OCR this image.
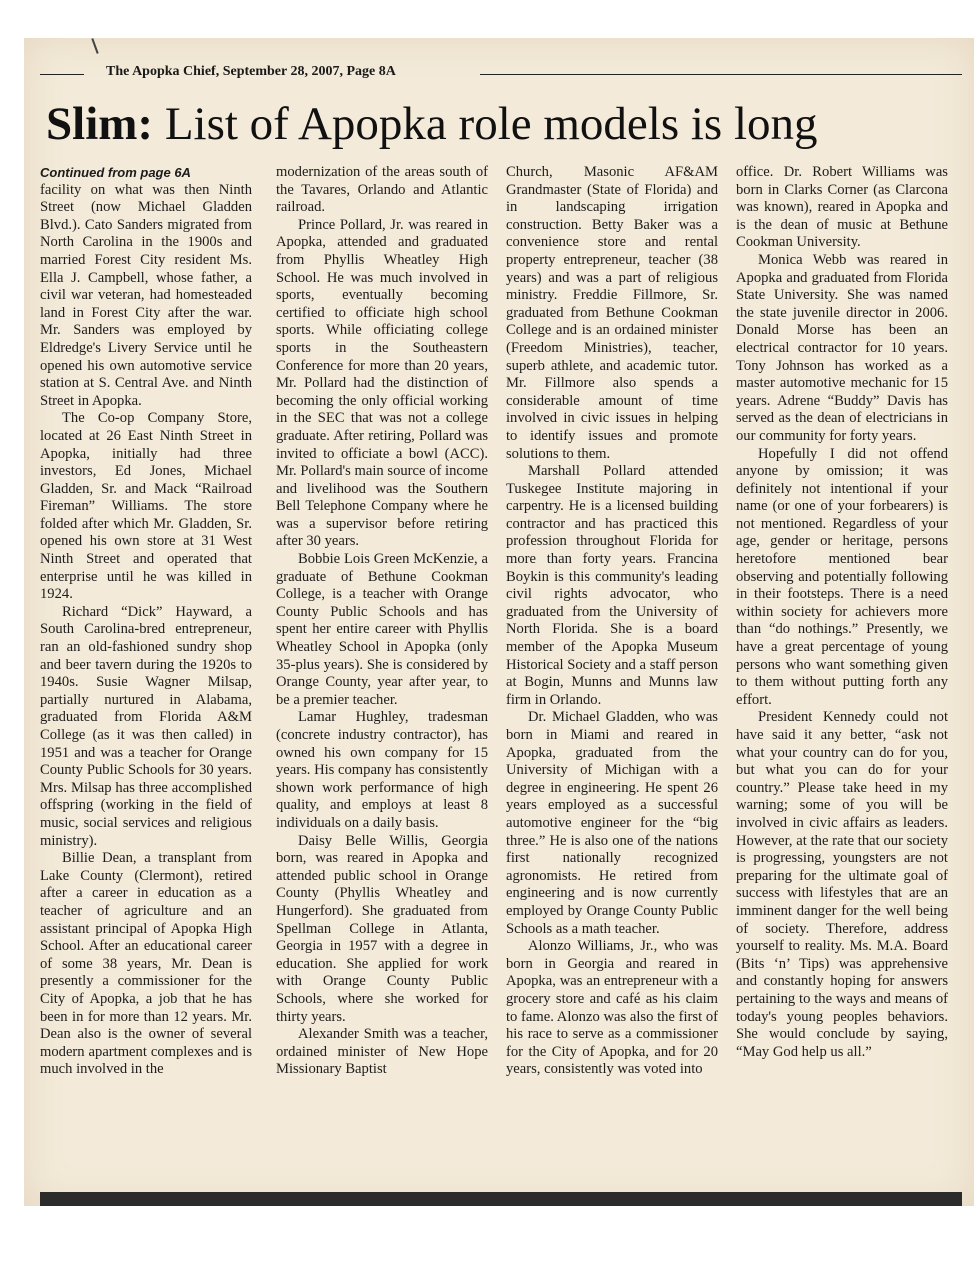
The Apopka Chief, September 28, 2007, Page 8A
Slim: List of Apopka role models is long

Continued from page 6A

facility on what was then Ninth Street (now Michael Gladden Blvd.). Cato Sanders migrated from North Carolina in the 1900s and married Forest City resident Ms. Ella J. Campbell, whose father, a civil war veteran, had homesteaded land in Forest City after the war. Mr. Sanders was employed by Eldredge's Livery Service until he opened his own automotive service station at S. Central Ave. and Ninth Street in Apopka.

The Co-op Company Store, located at 26 East Ninth Street in Apopka, initially had three investors, Ed Jones, Michael Gladden, Sr. and Mack “Railroad Fireman” Williams. The store folded after which Mr. Gladden, Sr. opened his own store at 31 West Ninth Street and operated that enterprise until he was killed in 1924.

Richard “Dick” Hayward, a South Carolina-bred entrepreneur, ran an old-fashioned sundry shop and beer tavern during the 1920s to 1940s. Susie Wagner Milsap, partially nurtured in Alabama, graduated from Florida A&M College (as it was then called) in 1951 and was a teacher for Orange County Public Schools for 30 years. Mrs. Milsap has three accomplished offspring (working in the field of music, social services and religious ministry).

Billie Dean, a transplant from Lake County (Clermont), retired after a career in education as a teacher of agriculture and an assistant principal of Apopka High School. After an educational career of some 38 years, Mr. Dean is presently a commissioner for the City of Apopka, a job that he has been in for more than 12 years. Mr. Dean also is the owner of several modern apartment complexes and is much involved in the

modernization of the areas south of the Tavares, Orlando and Atlantic railroad.

Prince Pollard, Jr. was reared in Apopka, attended and graduated from Phyllis Wheatley High School. He was much involved in sports, eventually becoming certified to officiate high school sports. While officiating college sports in the Southeastern Conference for more than 20 years, Mr. Pollard had the distinction of becoming the only official working in the SEC that was not a college graduate. After retiring, Pollard was invited to officiate a bowl (ACC). Mr. Pollard's main source of income and livelihood was the Southern Bell Telephone Company where he was a supervisor before retiring after 30 years.

Bobbie Lois Green McKenzie, a graduate of Bethune Cookman College, is a teacher with Orange County Public Schools and has spent her entire career with Phyllis Wheatley School in Apopka (only 35-plus years). She is considered by Orange County, year after year, to be a premier teacher.

Lamar Hughley, tradesman (concrete industry contractor), has owned his own company for 15 years. His company has consistently shown work performance of high quality, and employs at least 8 individuals on a daily basis.

Daisy Belle Willis, Georgia born, was reared in Apopka and attended public school in Orange County (Phyllis Wheatley and Hungerford). She graduated from Spellman College in Atlanta, Georgia in 1957 with a degree in education. She applied for work with Orange County Public Schools, where she worked for thirty years.

Alexander Smith was a teacher, ordained minister of New Hope Missionary Baptist

Church, Masonic AF&AM Grandmaster (State of Florida) and in landscaping irrigation construction. Betty Baker was a convenience store and rental property entrepreneur, teacher (38 years) and was a part of religious ministry. Freddie Fillmore, Sr. graduated from Bethune Cookman College and is an ordained minister (Freedom Ministries), teacher, superb athlete, and academic tutor. Mr. Fillmore also spends a considerable amount of time involved in civic issues in helping to identify issues and promote solutions to them.

Marshall Pollard attended Tuskegee Institute majoring in carpentry. He is a licensed building contractor and has practiced this profession throughout Florida for more than forty years. Francina Boykin is this community's leading civil rights advocator, who graduated from the University of North Florida. She is a board member of the Apopka Museum Historical Society and a staff person at Bogin, Munns and Munns law firm in Orlando.

Dr. Michael Gladden, who was born in Miami and reared in Apopka, graduated from the University of Michigan with a degree in engineering. He spent 26 years employed as a successful automotive engineer for the “big three.” He is also one of the nations first nationally recognized agronomists. He retired from engineering and is now currently employed by Orange County Public Schools as a math teacher.

Alonzo Williams, Jr., who was born in Georgia and reared in Apopka, was an entrepreneur with a grocery store and café as his claim to fame. Alonzo was also the first of his race to serve as a commissioner for the City of Apopka, and for 20 years, consistently was voted into

office. Dr. Robert Williams was born in Clarks Corner (as Clarcona was known), reared in Apopka and is the dean of music at Bethune Cookman University.

Monica Webb was reared in Apopka and graduated from Florida State University. She was named the state juvenile director in 2006. Donald Morse has been an electrical contractor for 10 years. Tony Johnson has worked as a master automotive mechanic for 15 years. Adrene “Buddy” Davis has served as the dean of electricians in our community for forty years.

Hopefully I did not offend anyone by omission; it was definitely not intentional if your name (or one of your forbearers) is not mentioned. Regardless of your age, gender or heritage, persons heretofore mentioned bear observing and potentially following in their footsteps. There is a need within society for achievers more than “do nothings.” Presently, we have a great percentage of young persons who want something given to them without putting forth any effort.

President Kennedy could not have said it any better, “ask not what your country can do for you, but what you can do for your country.” Please take heed in my warning; some of you will be involved in civic affairs as leaders. However, at the rate that our society is progressing, youngsters are not preparing for the ultimate goal of success with lifestyles that are an imminent danger for the well being of society. Therefore, address yourself to reality. Ms. M.A. Board (Bits ‘n’ Tips) was apprehensive and constantly hoping for answers pertaining to the ways and means of today's young peoples behaviors. She would conclude by saying, “May God help us all.”
